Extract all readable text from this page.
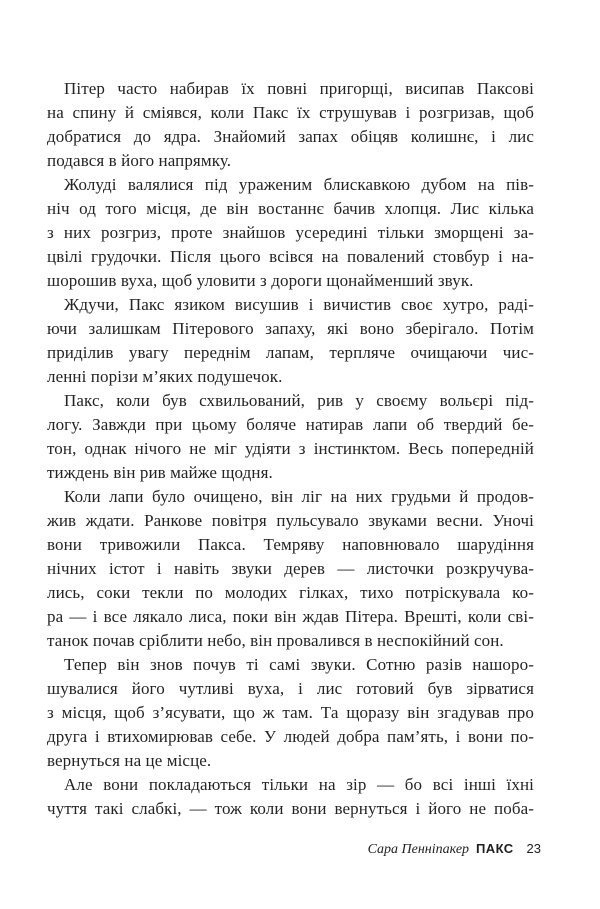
Пітер часто набирав їх повні пригорщі, висипав Паксові
на спину й сміявся, коли Пакс їх струшував і розгризав, щоб
добратися до ядра. Знайомий запах обіцяв колишнє, і лис
подався в його напрямку.

Жолуді валялися під ураженим блискавкою дубом на пів-
ніч од того місця, де він востаннє бачив хлопця. Лис кілька
з них розгриз, проте знайшов усередині тільки зморщені за-
цвілі грудочки. Після цього всівся на повалений стовбур і на-
шорошив вуха, щоб уловити з дороги щонайменший звук.

Ждучи, Пакс язиком висушив і вичистив своє хутро, раді-
ючи залишкам Пітерового запаху, які воно зберігало. Потім
приділив увагу переднім лапам, терпляче очищаючи чис-
ленні порізи м’яких подушечок.

Пакс, коли був схвильований, рив у своєму вольєрі під-
логу. Завжди при цьому боляче натирав лапи об твердий бе-
тон, однак нічого не міг удіяти з інстинктом. Весь попередній
тиждень він рив майже щодня.

Коли лапи було очищено, він ліг на них грудьми й продов-
жив ждати. Ранкове повітря пульсувало звуками весни. Уночі
вони тривожили Пакса. Темряву наповнювало шарудіння
нічних істот і навіть звуки дерев — листочки розкручува-
лись, соки текли по молодих гілках, тихо потріскувала ко-
ра — і все лякало лиса, поки він ждав Пітера. Врешті, коли сві-
танок почав сріблити небо, він провалився в неспокійний сон.

Тепер він знов почув ті самі звуки. Сотню разів нашоро-
шувалися його чутливі вуха, і лис готовий був зірватися
з місця, щоб з’ясувати, що ж там. Та щоразу він згадував про
друга і втихомирював себе. У людей добра пам’ять, і вони по-
вернуться на це місце.

Але вони покладаються тільки на зір — бо всі інші їхні
чуття такі слабкі, — тож коли вони вернуться і його не поба-

Сара Пенніпакер ПАКС 23
